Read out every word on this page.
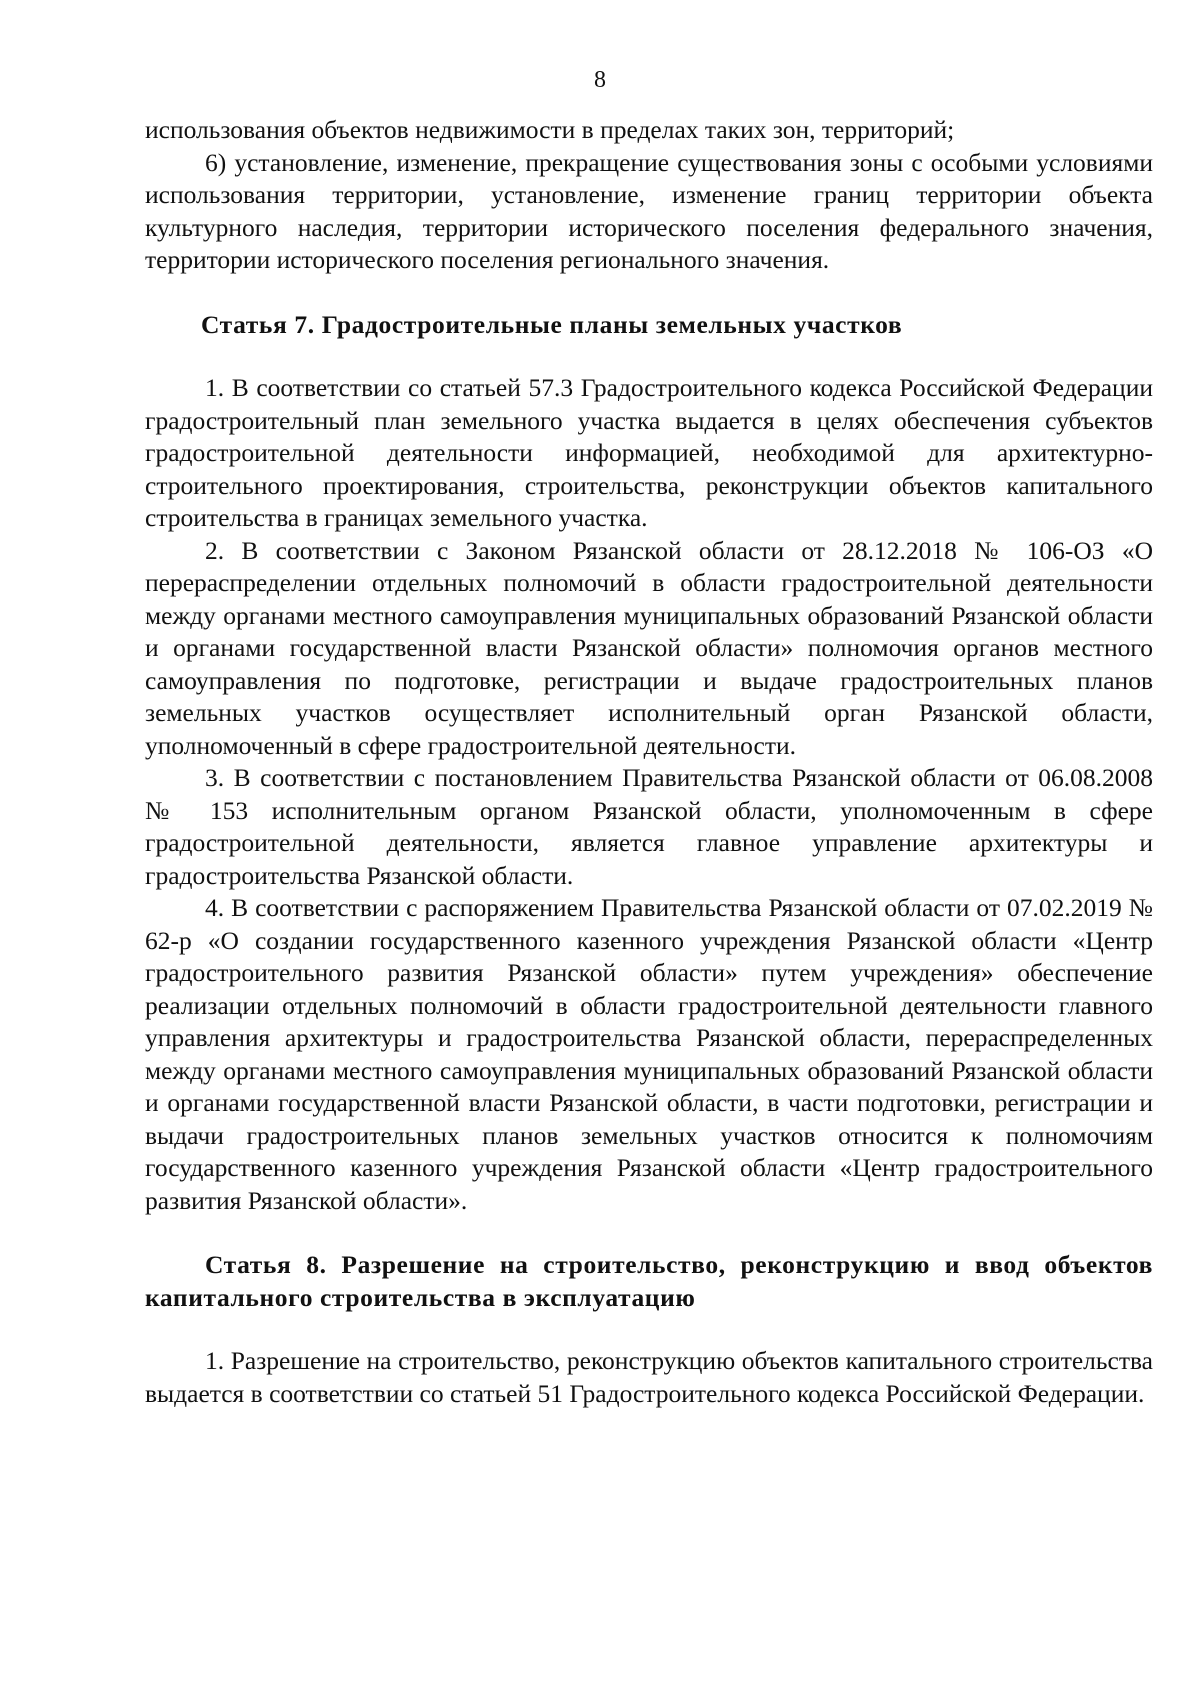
8

использования объектов недвижимости в пределах таких зон, территорий;

6) установление, изменение, прекращение существования зоны с особыми условиями использования территории, установление, изменение границ территории объекта культурного наследия, территории исторического поселения федерального значения, территории исторического поселения регионального значения.

Статья 7. Градостроительные планы земельных участков

1. В соответствии со статьей 57.3 Градостроительного кодекса Российской Федерации градостроительный план земельного участка выдается в целях обеспечения субъектов градостроительной деятельности информацией, необходимой для архитектурно-строительного проектирования, строительства, реконструкции объектов капитального строительства в границах земельного участка.

2. В соответствии с Законом Рязанской области от 28.12.2018 № 106-ОЗ «О перераспределении отдельных полномочий в области градостроительной деятельности между органами местного самоуправления муниципальных образований Рязанской области и органами государственной власти Рязанской области» полномочия органов местного самоуправления по подготовке, регистрации и выдаче градостроительных планов земельных участков осуществляет исполнительный орган Рязанской области, уполномоченный в сфере градостроительной деятельности.

3. В соответствии с постановлением Правительства Рязанской области от 06.08.2008 № 153 исполнительным органом Рязанской области, уполномоченным в сфере градостроительной деятельности, является главное управление архитектуры и градостроительства Рязанской области.

4. В соответствии с распоряжением Правительства Рязанской области от 07.02.2019 № 62-р «О создании государственного казенного учреждения Рязанской области «Центр градостроительного развития Рязанской области» путем учреждения» обеспечение реализации отдельных полномочий в области градостроительной деятельности главного управления архитектуры и градостроительства Рязанской области, перераспределенных между органами местного самоуправления муниципальных образований Рязанской области и органами государственной власти Рязанской области, в части подготовки, регистрации и выдачи градостроительных планов земельных участков относится к полномочиям государственного казенного учреждения Рязанской области «Центр градостроительного развития Рязанской области».

Статья 8. Разрешение на строительство, реконструкцию и ввод объектов капитального строительства в эксплуатацию

1. Разрешение на строительство, реконструкцию объектов капитального строительства выдается в соответствии со статьей 51 Градостроительного кодекса Российской Федерации.
